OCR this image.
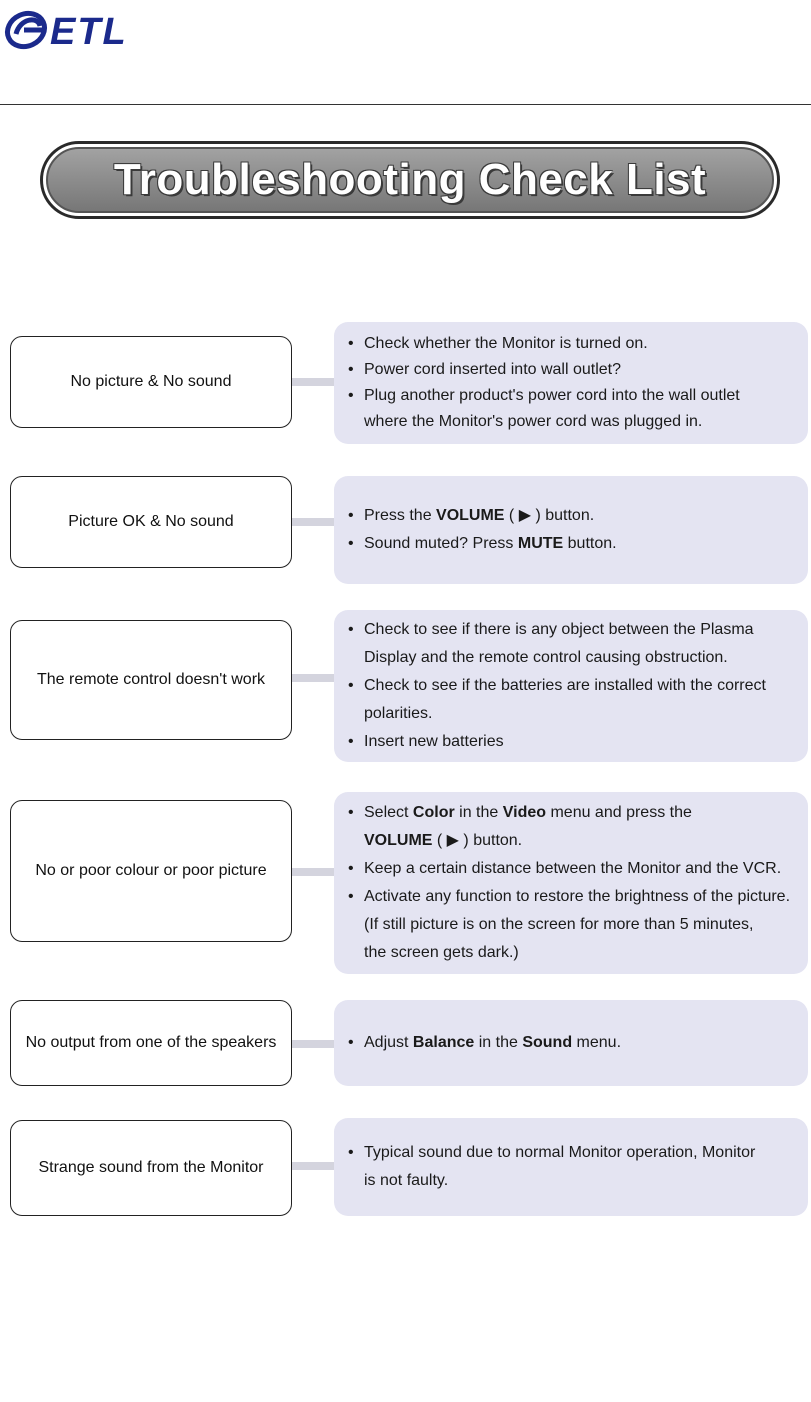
ETL
Troubleshooting Check List
No picture & No sound
• Check whether the Monitor is turned on.
• Power cord inserted into wall outlet?
• Plug another product's power cord into the wall outlet
where the Monitor's power cord was plugged in.
Picture OK & No sound	• Press the VOLUME ( ▶ ) button.
• Sound muted? Press MUTE button.
The remote control doesn't work
• Check to see if there is any object between the Plasma
Display and the remote control causing obstruction.
• Check to see if the batteries are installed with the correct
polarities.
• Insert new batteries
No or poor colour or poor picture
• Select Color in the Video menu and press the
VOLUME ( ▶ ) button.
• Keep a certain distance between the Monitor and the VCR.
• Activate any function to restore the brightness of the picture.
(If still picture is on the screen for more than 5 minutes,
the screen gets dark.)
No output from one of the speakers	• Adjust Balance in the Sound menu.
Strange sound from the Monitor
• Typical sound due to normal Monitor operation, Monitor
is not faulty.
